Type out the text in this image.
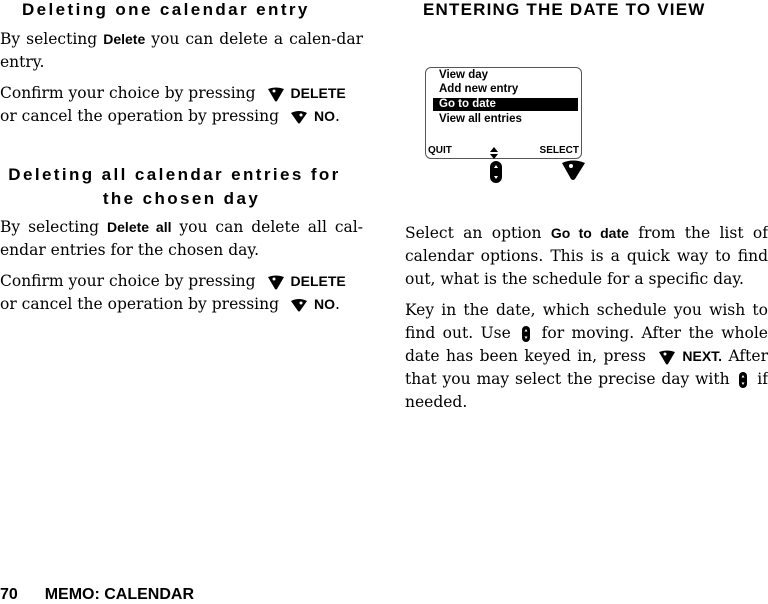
Deleting one calendar entry

By selecting Delete you can delete a calen-dar entry.

Confirm your choice by pressing DELETE
or cancel the operation by pressing NO.

Deleting all calendar entries for
the chosen day

By selecting Delete all you can delete all cal-endar entries for the chosen day.

Confirm your choice by pressing DELETE
or cancel the operation by pressing NO.

ENTERING THE DATE TO VIEW
View day
Add new entry
Go to date
View all entries
QUIT	SELECT

Select an option Go to date from the list of calendar options. This is a quick way to find out, what is the schedule for a specific day.

Key in the date, which schedule you wish to find out. Use for moving. After the whole date has been keyed in, press	NEXT. After that you may select the precise day with if needed.

70 MEMO: CALENDAR
